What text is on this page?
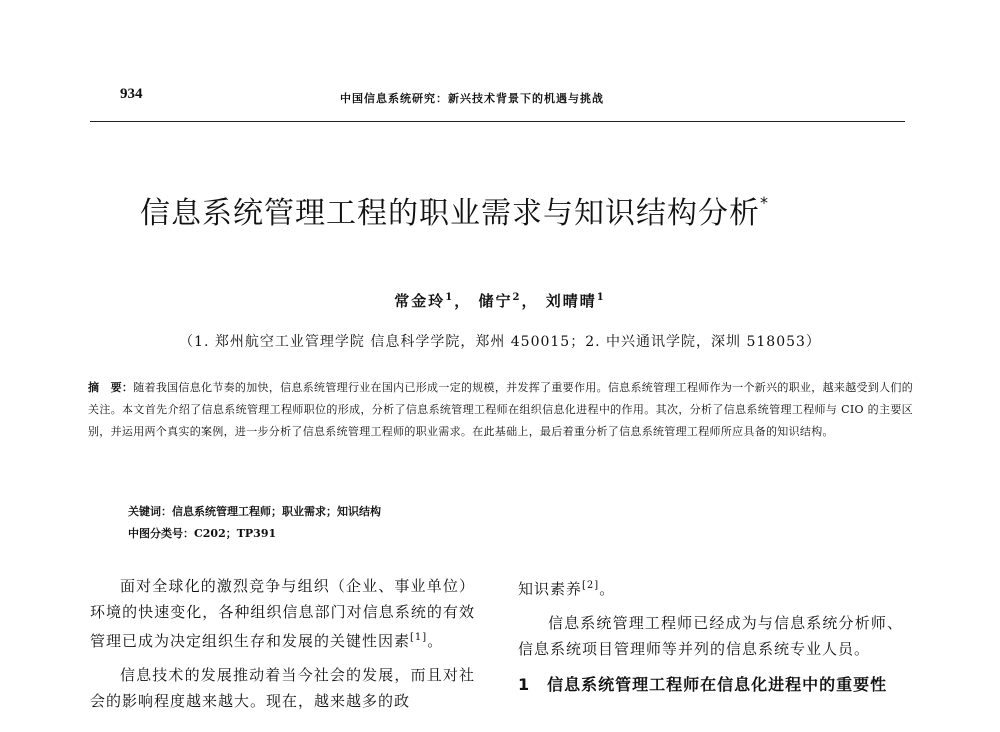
934	中国信息系统研究：新兴技术背景下的机遇与挑战
信息系统管理工程的职业需求与知识结构分析*
常金玲$^1$， 储宁$^2$， 刘晴晴$^1$
（1. 郑州航空工业管理学院 信息科学学院，郑州 450015；2. 中兴通讯学院，深圳 518053）
摘　要：随着我国信息化节奏的加快，信息系统管理行业在国内已形成一定的规模，并发挥了重要作用。信息系统管理工程师作为一个新兴的职业，越来越受到人们的关注。本文首先介绍了信息系统管理工程师职位的形成，分析了信息系统管理工程师在组织信息化进程中的作用。其次，分析了信息系统管理工程师与 CIO 的主要区别，并运用两个真实的案例，进一步分析了信息系统管理工程师的职业需求。在此基础上，最后着重分析了信息系统管理工程师所应具备的知识结构。
关键词：信息系统管理工程师；职业需求；知识结构
中图分类号：C202；TP391

面对全球化的激烈竞争与组织（企业、事业单位）环境的快速变化，各种组织信息部门对信息系统的有效管理已成为决定组织生存和发展的关键性因素[1]。

信息技术的发展推动着当今社会的发展，而且对社会的影响程度越来越大。现在，越来越多的政

知识素养[2]。

信息系统管理工程师已经成为与信息系统分析师、信息系统项目管理师等并列的信息系统专业人员。

1　信息系统管理工程师在信息化进程中的重要性
